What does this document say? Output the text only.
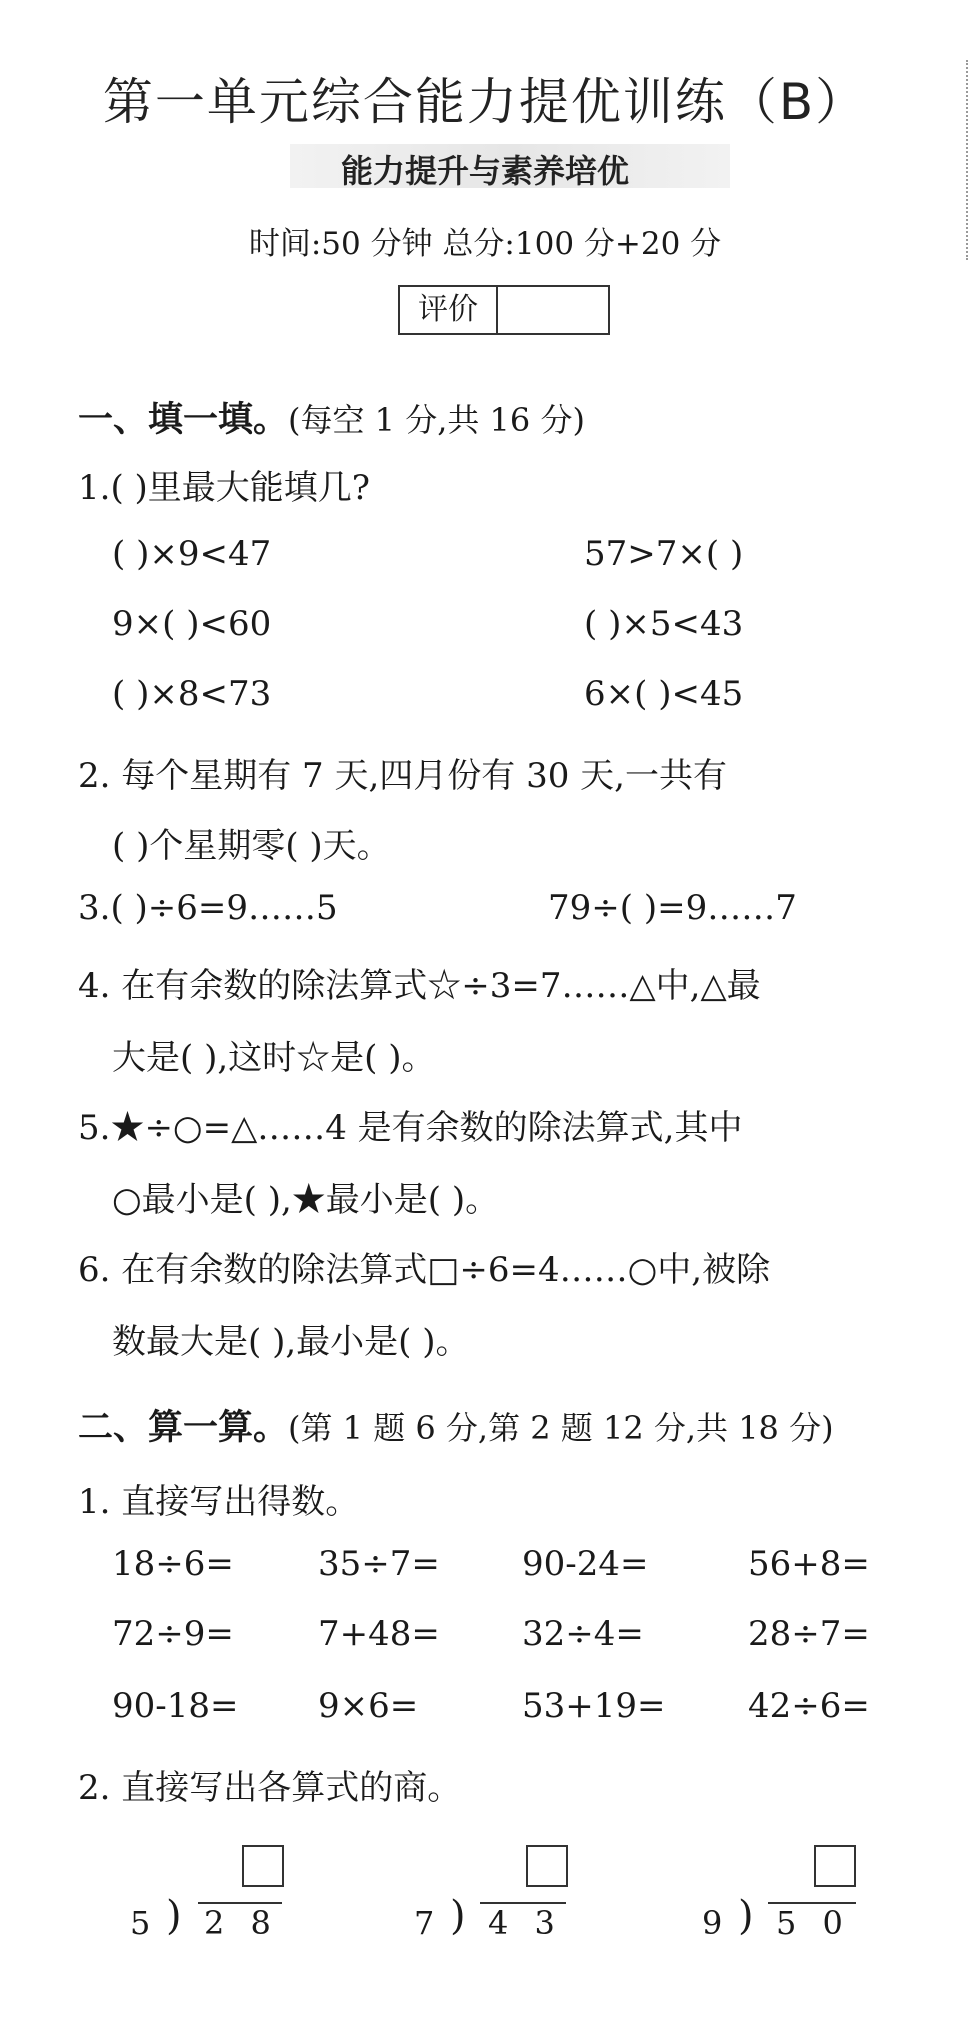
第一单元综合能力提优训练（B）
能力提升与素养培优
时间:50 分钟 总分:100 分+20 分
评价
一、填一填。(每空 1 分,共 16 分)
1.( )里最大能填几?
( )×9<47	57>7×( )
9×( )<60	( )×5<43
( )×8<73	6×( )<45
2. 每个星期有 7 天,四月份有 30 天,一共有
( )个星期零( )天。
3.( )÷6=9……5	79÷( )=9……7
4. 在有余数的除法算式☆÷3=7……△中,△最
大是( ),这时☆是( )。
5.★÷○=△……4 是有余数的除法算式,其中
○最小是( ),★最小是( )。
6. 在有余数的除法算式□÷6=4……○中,被除
数最大是( ),最小是( )。
二、算一算。(第 1 题 6 分,第 2 题 12 分,共 18 分)
1. 直接写出得数。
18÷6= 35÷7= 90-24=	56+8=
72÷9= 7+48= 32÷4=	28÷7=
90-18= 9×6=	53+19= 42÷6=
2. 直接写出各算式的商。
5 ) 2 8	7 ) 4 3	9 ) 5 0
